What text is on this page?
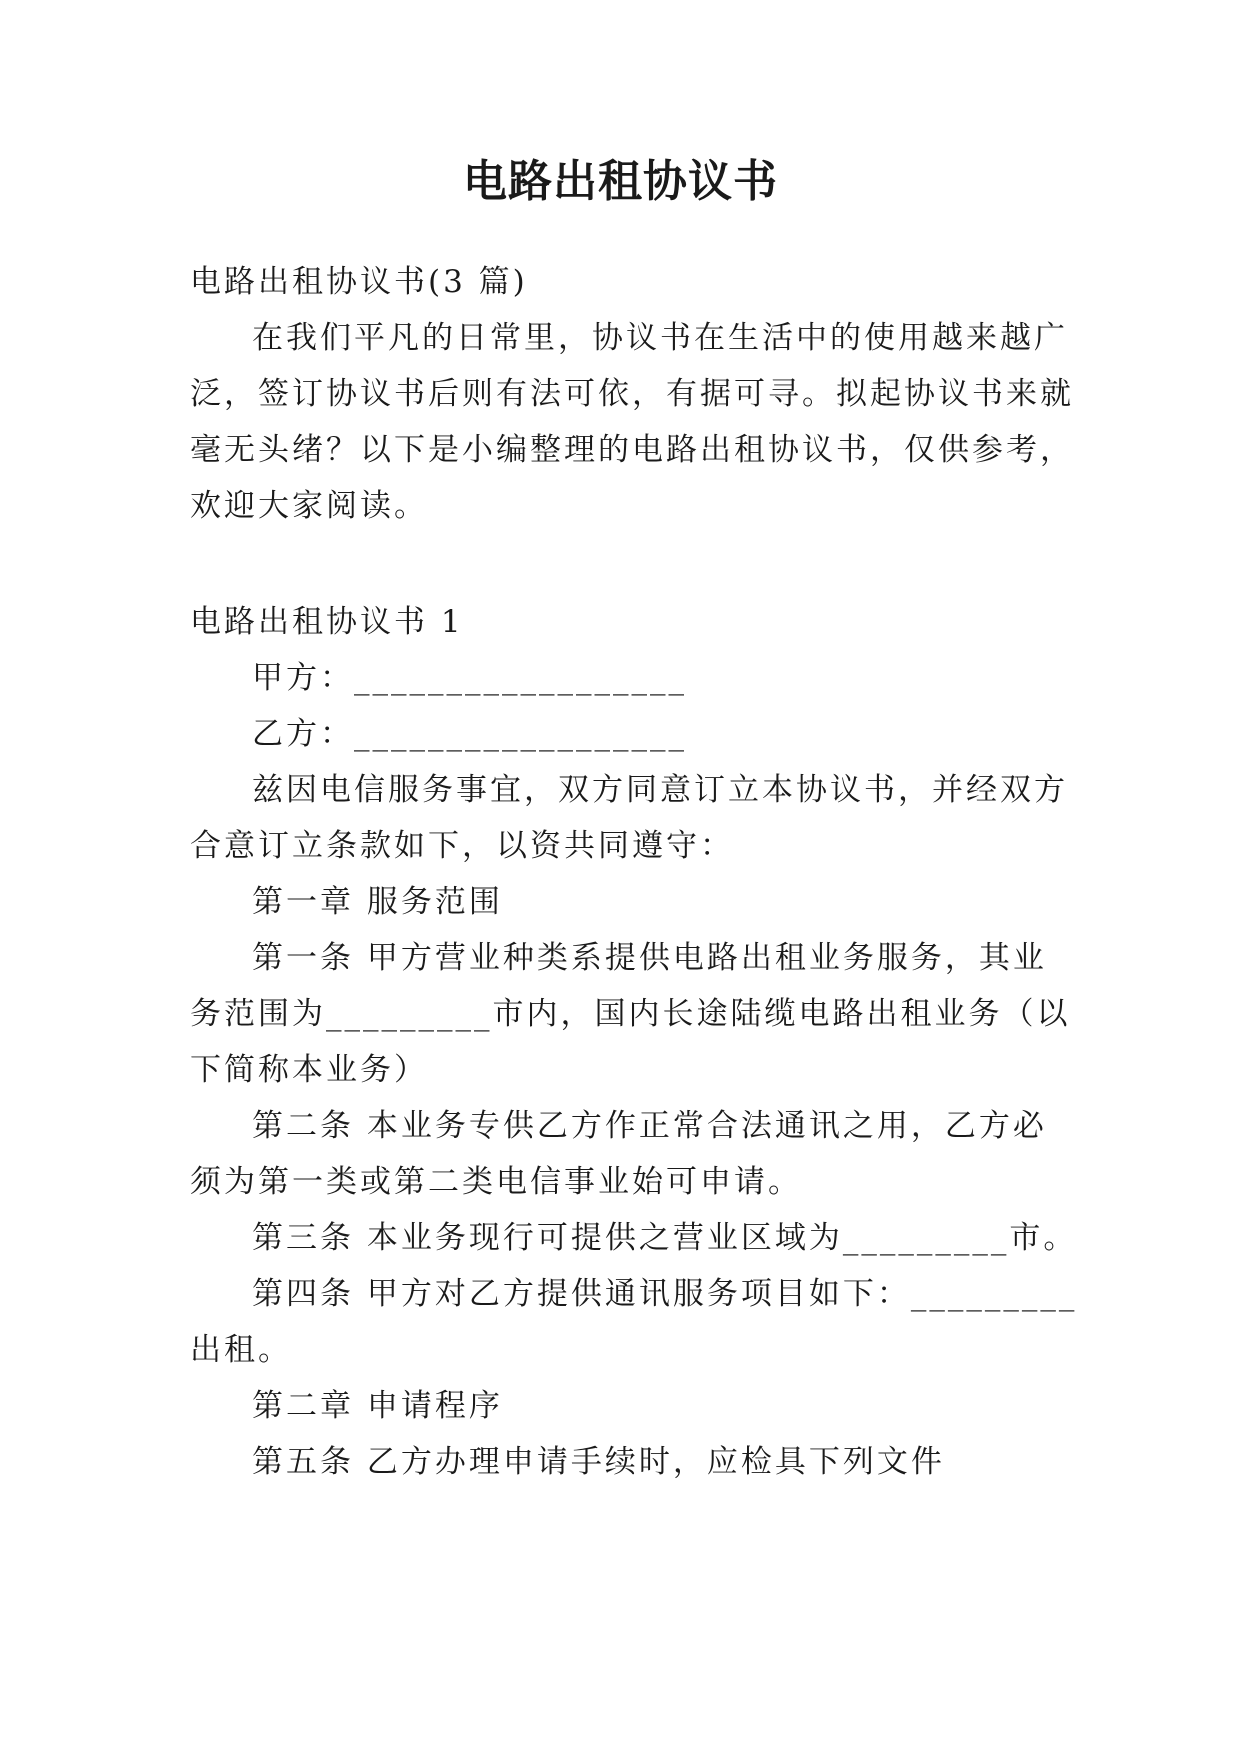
电路出租协议书

电路出租协议书(3 篇)

在我们平凡的日常里，协议书在生活中的使用越来越广

泛，签订协议书后则有法可依，有据可寻。拟起协议书来就

毫无头绪？以下是小编整理的电路出租协议书，仅供参考，

欢迎大家阅读。

电路出租协议书 1

甲方：__________________

乙方：__________________

兹因电信服务事宜，双方同意订立本协议书，并经双方

合意订立条款如下，以资共同遵守：

第一章 服务范围

第一条 甲方营业种类系提供电路出租业务服务，其业

务范围为_________市内，国内长途陆缆电路出租业务（以

下简称本业务）

第二条 本业务专供乙方作正常合法通讯之用，乙方必

须为第一类或第二类电信事业始可申请。

第三条 本业务现行可提供之营业区域为_________市。

第四条 甲方对乙方提供通讯服务项目如下：_________

出租。

第二章 申请程序

第五条 乙方办理申请手续时，应检具下列文件
